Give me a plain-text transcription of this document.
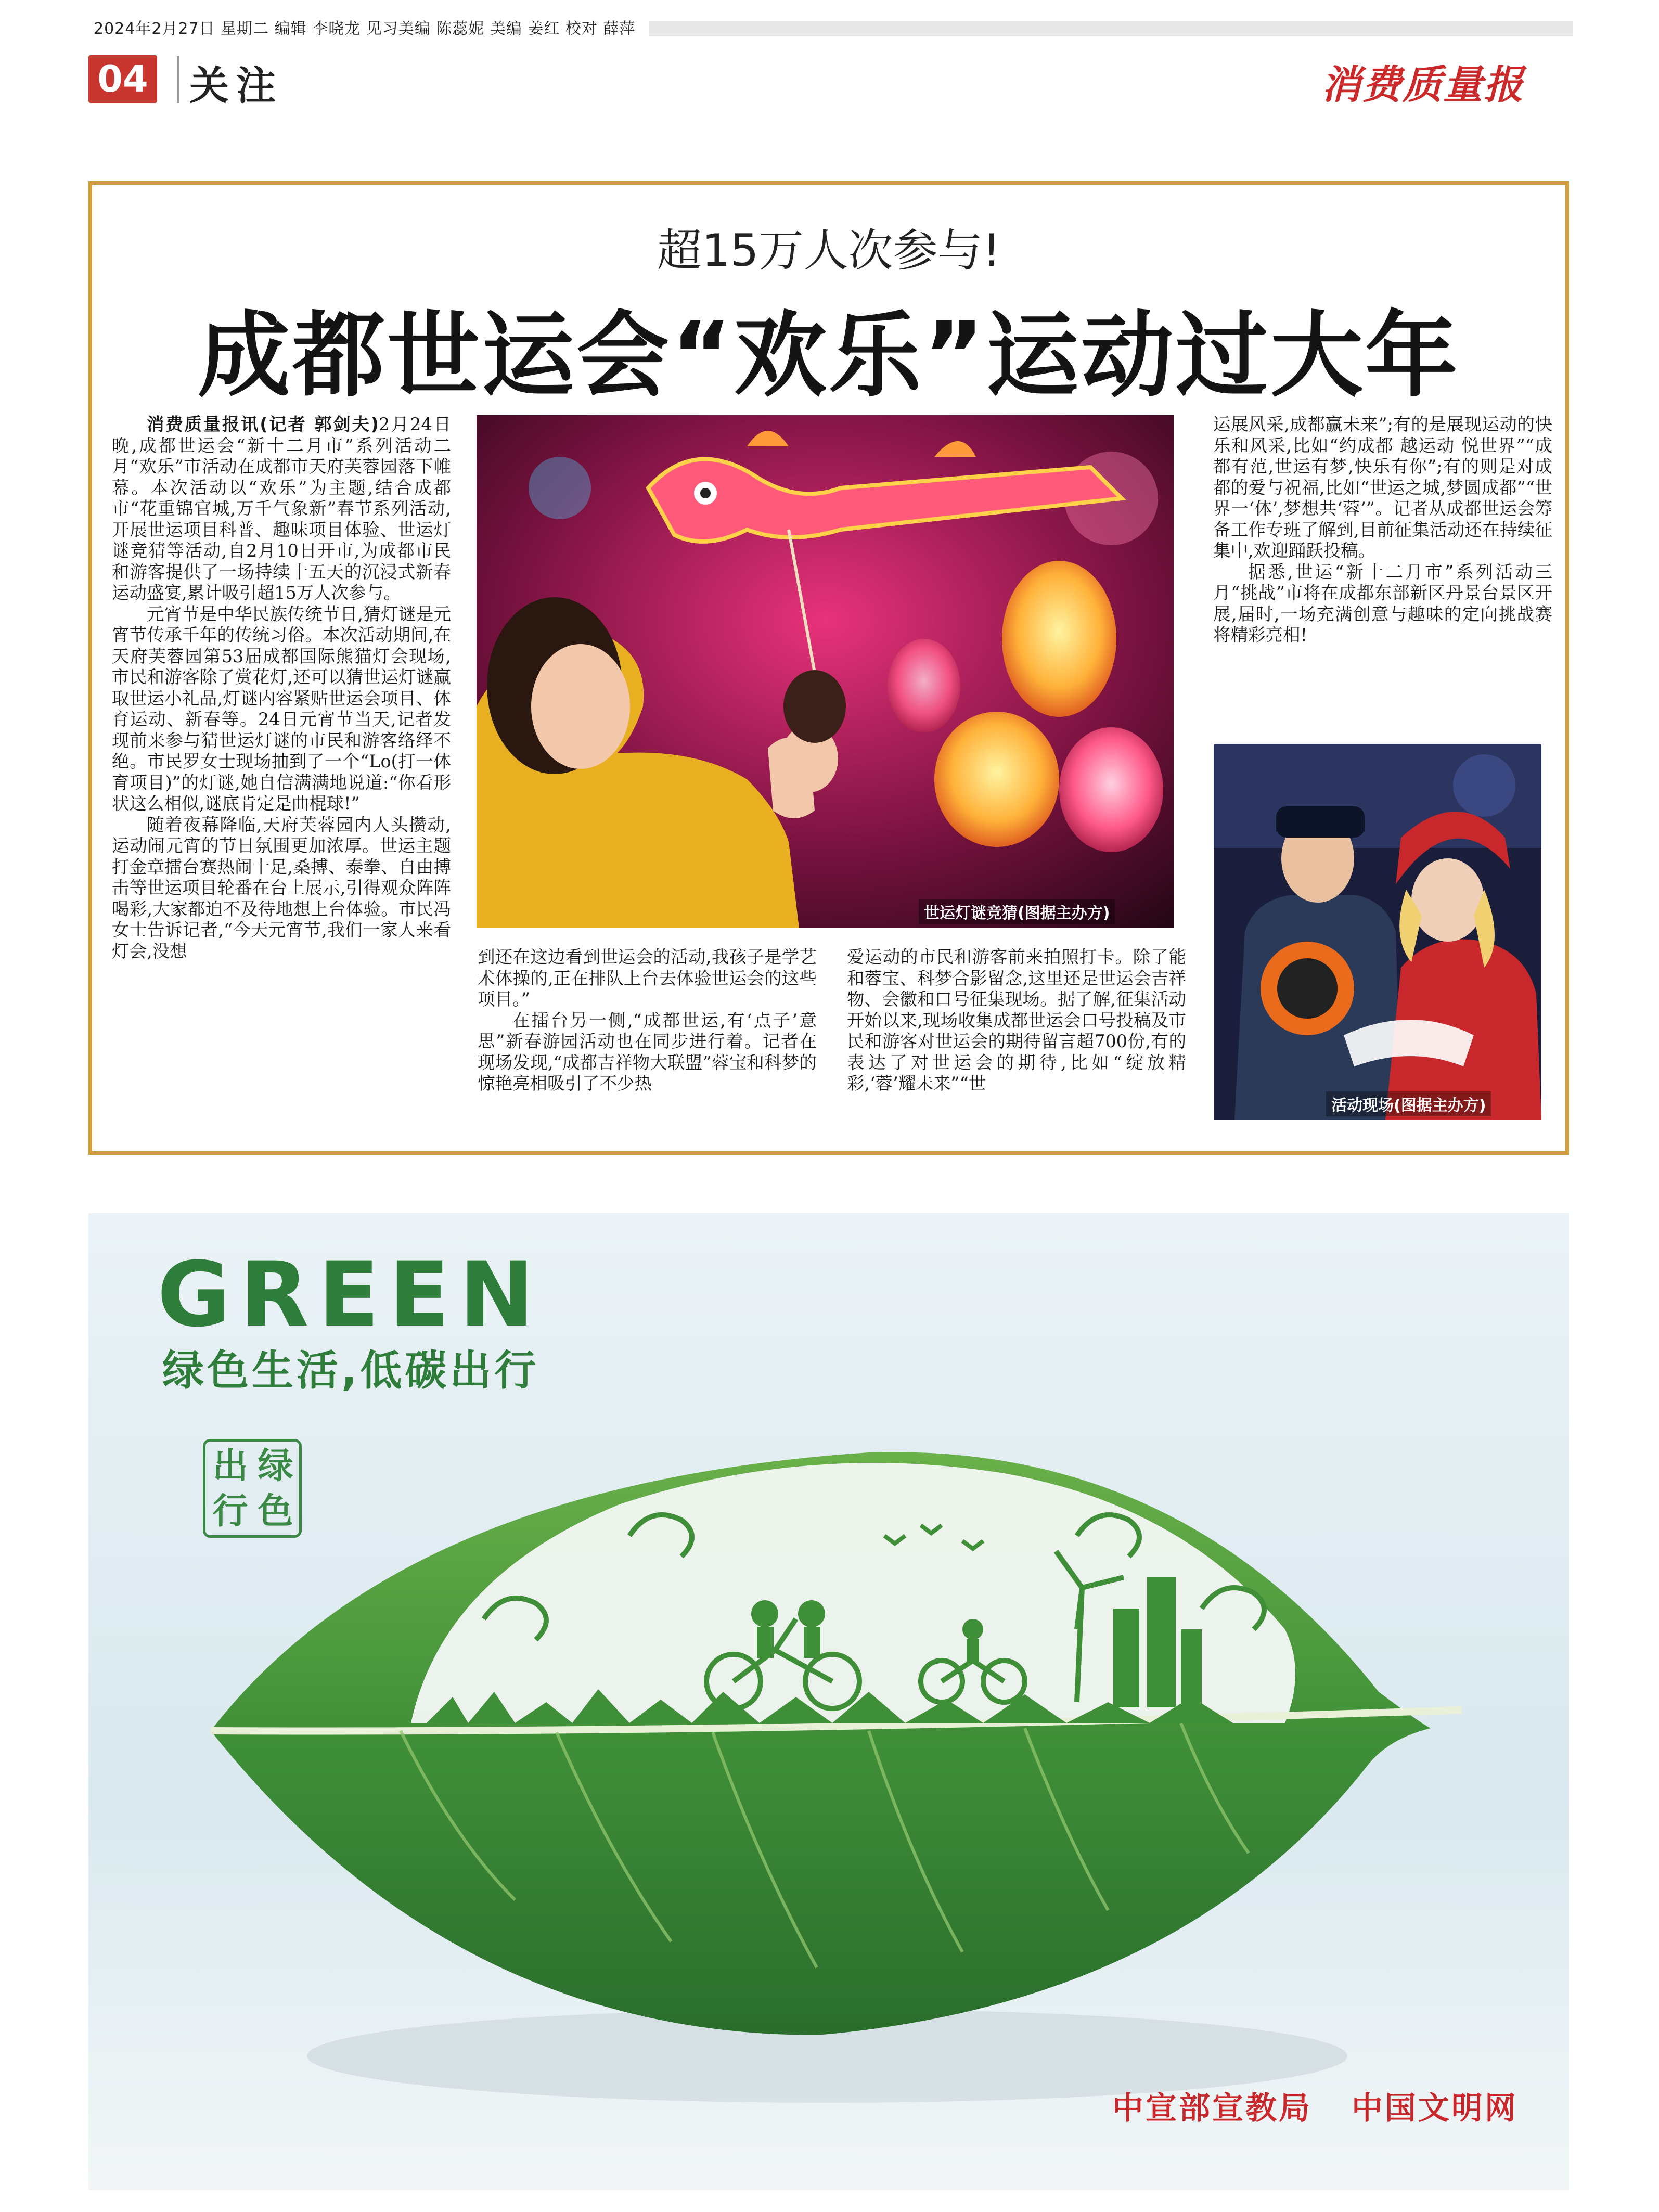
2024年2月27日 星期二 编辑 李晓龙 见习美编 陈蕊妮 美编 姜红 校对 薛萍
04 关注	消费质量报
超15万人次参与!
成都世运会“欢乐”运动过大年

消费质量报讯(记者 郭剑夫)2月24日晚,成都世运会“新十二月市”系列活动二月“欢乐”市活动在成都市天府芙蓉园落下帷幕。本次活动以“欢乐”为主题,结合成都市“花重锦官城,万千气象新”春节系列活动,开展世运项目科普、趣味项目体验、世运灯谜竞猜等活动,自2月10日开市,为成都市民和游客提供了一场持续十五天的沉浸式新春运动盛宴,累计吸引超15万人次参与。

元宵节是中华民族传统节日,猜灯谜是元宵节传承千年的传统习俗。本次活动期间,在天府芙蓉园第53届成都国际熊猫灯会现场,市民和游客除了赏花灯,还可以猜世运灯谜赢取世运小礼品,灯谜内容紧贴世运会项目、体育运动、新春等。24日元宵节当天,记者发现前来参与猜世运灯谜的市民和游客络绎不绝。市民罗女士现场抽到了一个“Lo(打一体育项目)”的灯谜,她自信满满地说道:“你看形状这么相似,谜底肯定是曲棍球!”

随着夜幕降临,天府芙蓉园内人头攒动,运动闹元宵的节日氛围更加浓厚。世运主题打金章擂台赛热闹十足,桑搏、泰拳、自由搏击等世运项目轮番在台上展示,引得观众阵阵喝彩,大家都迫不及待地想上台体验。市民冯女士告诉记者,“今天元宵节,我们一家人来看灯会,没想

世运灯谜竞猜(图据主办方)

到还在这边看到世运会的活动,我孩子是学艺术体操的,正在排队上台去体验世运会的这些项目。”

在擂台另一侧,“成都世运,有‘点子’意思”新春游园活动也在同步进行着。记者在现场发现,“成都吉祥物大联盟”蓉宝和科梦的惊艳亮相吸引了不少热

爱运动的市民和游客前来拍照打卡。除了能和蓉宝、科梦合影留念,这里还是世运会吉祥物、会徽和口号征集现场。据了解,征集活动开始以来,现场收集成都世运会口号投稿及市民和游客对世运会的期待留言超700份,有的表达了对世运会的期待,比如“绽放精彩,‘蓉’耀未来”“世

运展风采,成都赢未来”;有的是展现运动的快乐和风采,比如“约成都 越运动 悦世界”“成都有范,世运有梦,快乐有你”;有的则是对成都的爱与祝福,比如“世运之城,梦圆成都”“世界一‘体’,梦想共‘蓉’”。记者从成都世运会筹备工作专班了解到,目前征集活动还在持续征集中,欢迎踊跃投稿。

据悉,世运“新十二月市”系列活动三月“挑战”市将在成都东部新区丹景台景区开展,届时,一场充满创意与趣味的定向挑战赛将精彩亮相!

活动现场(图据主办方)
GREEN
绿色生活,低碳出行
出 绿
行 色
中宣部宣教局 中国文明网
